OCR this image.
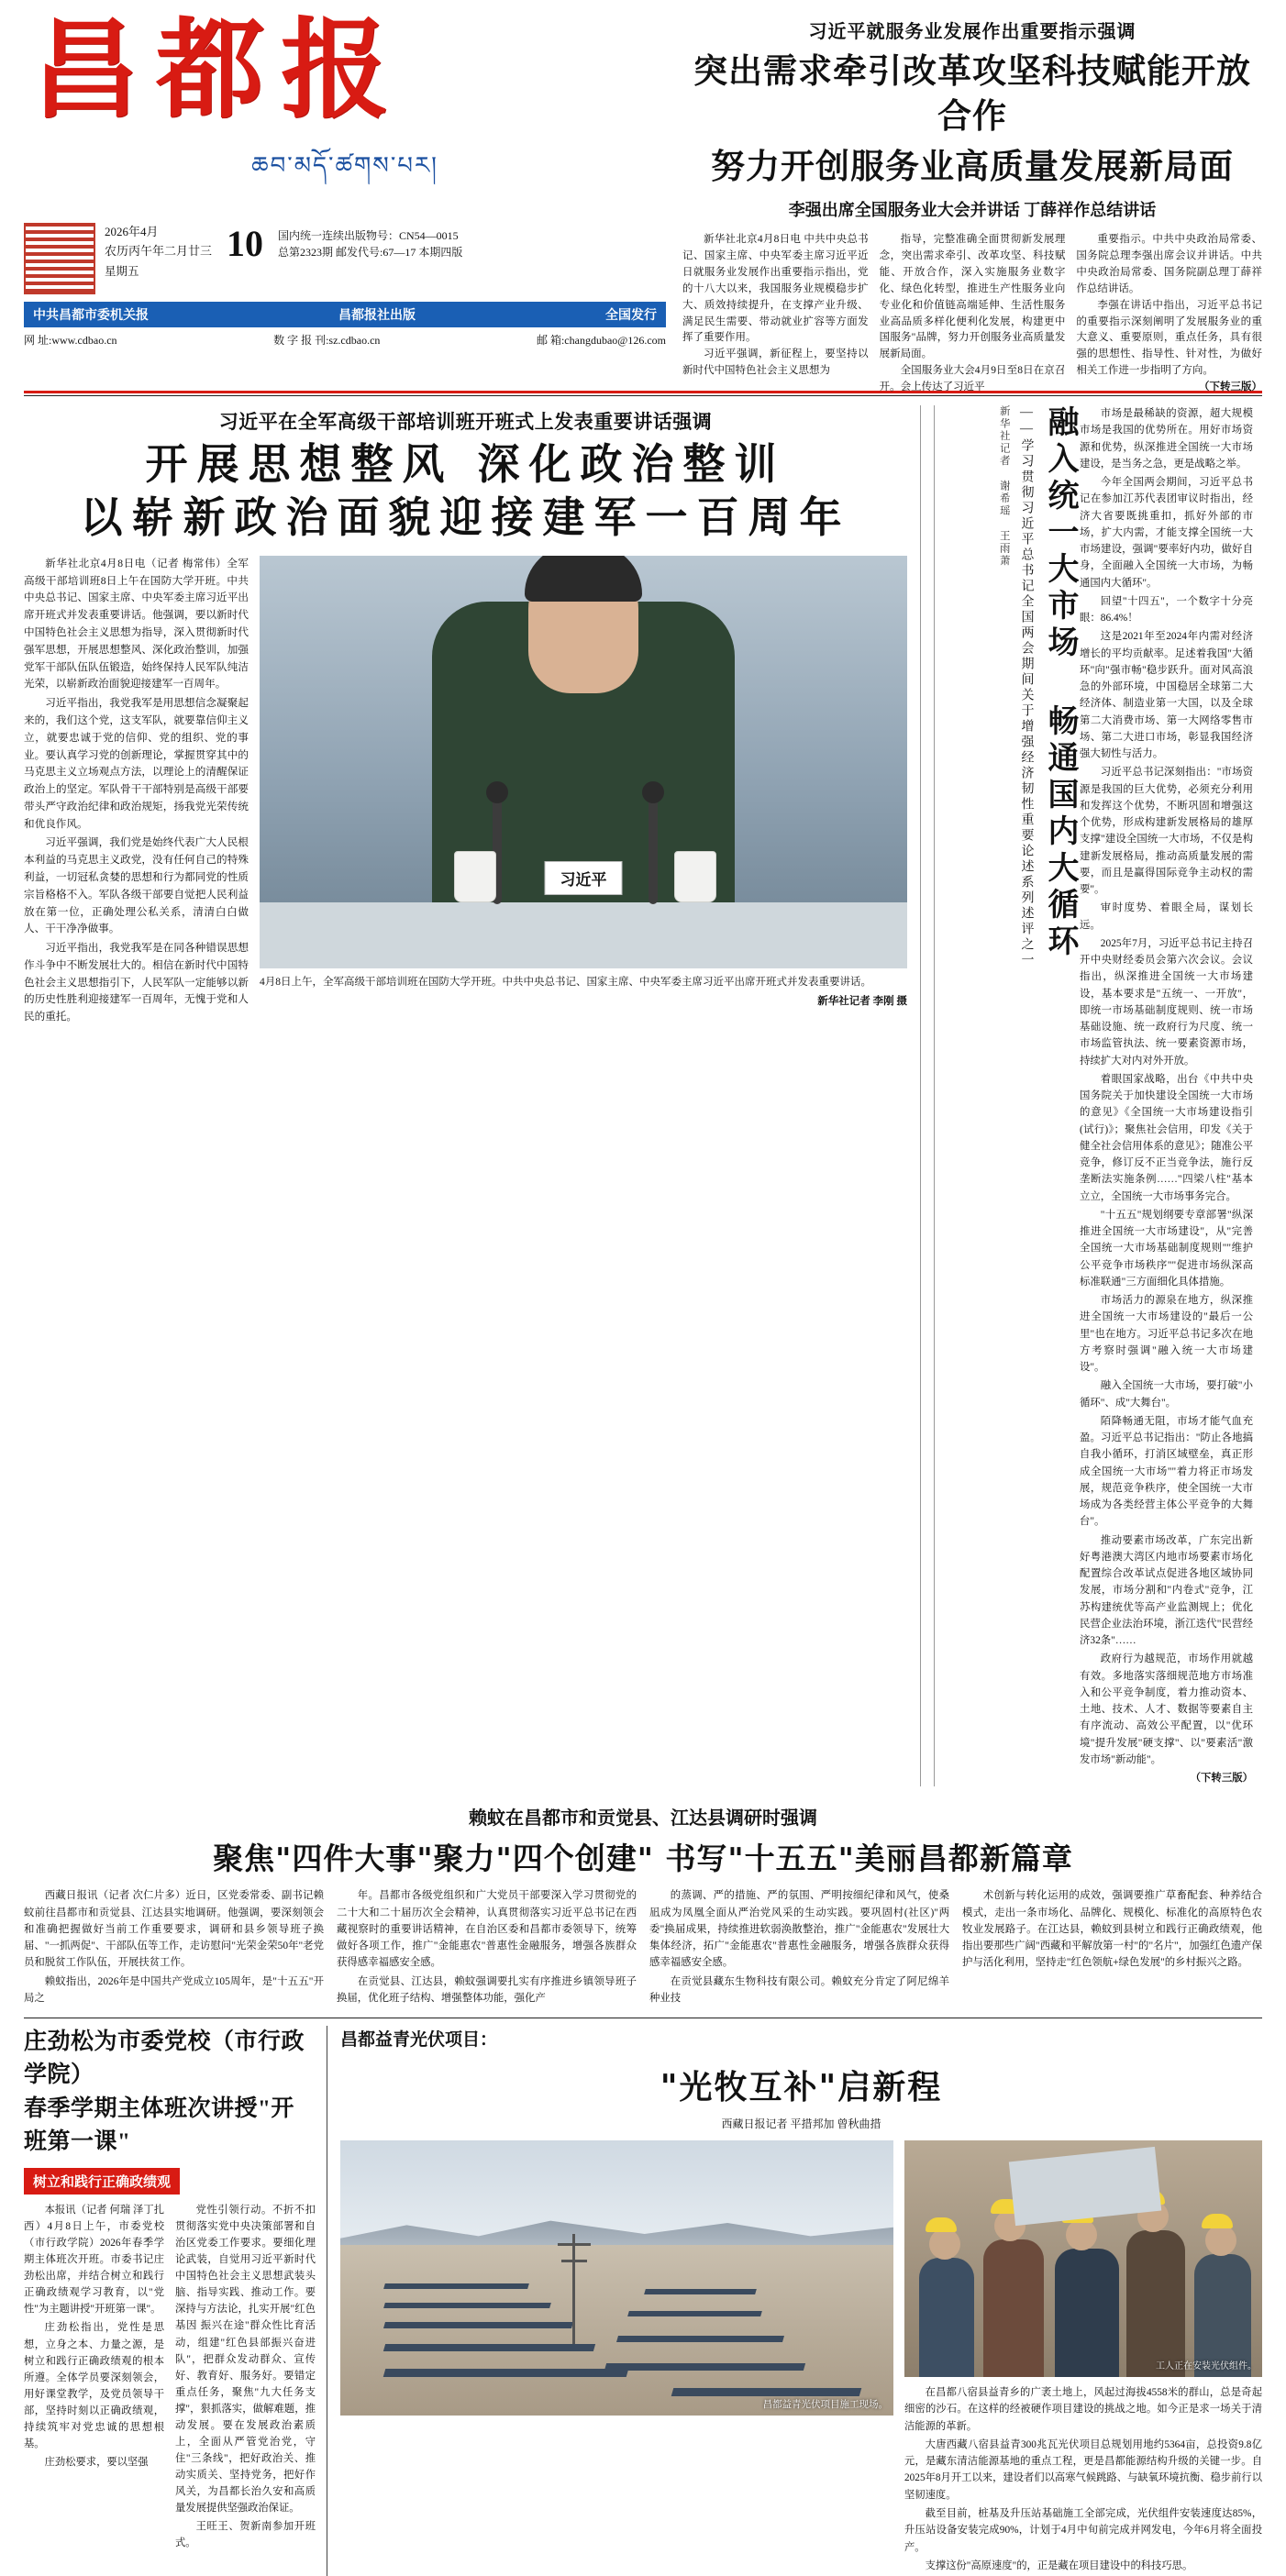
昌都报
ཆབ་མདོ་ཚགས་པར།
2026年4月
农历丙午年二月廿三 10	国内统一连续出版物号：CN54—0015
总第2323期 邮发代号:67—17 本期四版
星期五
中共昌都市委机关报	昌都报社出版	全国发行
网 址:www.cdbao.cn	数 字 报 刊:sz.cdbao.cn	邮 箱:changdubao@126.com
习近平就服务业发展作出重要指示强调
突出需求牵引改革攻坚科技赋能开放合作
努力开创服务业高质量发展新局面
李强出席全国服务业大会并讲话 丁薛祥作总结讲话
新华社北京4月8日电 中共中央总书记、国家主席、中央军委主席习近平近日就服务业发展作出重要指示指出，党的十八大以来，我国服务业规模稳步扩大、质效持续提升，在支撑产业升级、满足民生需要、带动就业扩容等方面发挥了重要作用。
习近平强调，新征程上，要坚持以新时代中国特色社会主义思想为
指导，完整准确全面贯彻新发展理念，突出需求牵引、改革攻坚、科技赋能、开放合作，深入实施服务业数字化、绿色化转型，推进生产性服务业向专业化和价值链高端延伸、生活性服务业高品质多样化便利化发展，构建更中国服务"品牌，努力开创服务业高质量发展新局面。
全国服务业大会4月9日至8日在京召开。会上传达了习近平
重要指示。中共中央政治局常委、国务院总理李强出席会议并讲话。中共中央政治局常委、国务院副总理丁薛祥作总结讲话。
李强在讲话中指出，习近平总书记的重要指示深刻阐明了发展服务业的重大意义、重要原则，重点任务，具有很强的思想性、指导性、针对性，为做好相关工作进一步指明了方向。
（下转三版）
习近平在全军高级干部培训班开班式上发表重要讲话强调
开展思想整风 深化政治整训
以崭新政治面貌迎接建军一百周年

新华社北京4月8日电（记者 梅常伟）全军高级干部培训班8日上午在国防大学开班。中共中央总书记、国家主席、中央军委主席习近平出席开班式并发表重要讲话。他强调，要以新时代中国特色社会主义思想为指导，深入贯彻新时代强军思想，开展思想整风、深化政治整训，加强党军干部队伍队伍锻造，始终保持人民军队纯洁光荣，以崭新政治面貌迎接建军一百周年。

习近平指出，我党我军是用思想信念凝聚起来的，我们这个党，这支军队，就要靠信仰主义立，就要忠诚于党的信仰、党的组织、党的事业。要认真学习党的创新理论，掌握贯穿其中的马克思主义立场观点方法，以理论上的清醒保证政治上的坚定。军队骨干干部特别是高级干部要带头严守政治纪律和政治规矩，扬我党光荣传统和优良作风。

习近平强调，我们党是始终代表广大人民根本利益的马克思主义政党，没有任何自己的特殊利益，一切冠私贪婪的思想和行为都同党的性质宗旨格格不入。军队各级干部要自觉把人民利益放在第一位，正确处理公私关系，清清白白做人、干干净净做事。

习近平指出，我党我军是在同各种错误思想作斗争中不断发展壮大的。相信在新时代中国特色社会主义思想指引下，人民军队一定能够以新的历史性胜利迎接建军一百周年，无愧于党和人民的重托。

习近平
4月8日上午，全军高级干部培训班在国防大学开班。中共中央总书记、国家主席、中央军委主席习近平出席开班式并发表重要讲话。
新华社记者 李刚 摄
融入统一大市场 畅通国内大循环
——学习贯彻习近平总书记全国两会期间关于增强经济韧性重要论述系列述评之一
新华社记者 谢希瑶 王雨萧	市场是最稀缺的资源，超大规模市场是我国的优势所在。用好市场资源和优势，纵深推进全国统一大市场建设，是当务之急，更是战略之举。

今年全国两会期间，习近平总书记在参加江苏代表团审议时指出，经济大省要既挑重扣，抓好外部的市场，扩大内需，才能支撑全国统一大市场建设，强调"要率好内功，做好自身，全面融入全国统一大市场，为畅通国内大循环"。

回望"十四五"，一个数字十分亮眼：86.4%！

这是2021年至2024年内需对经济增长的平均贡献率。足述着我国"大循环"向"强市畅"稳步跃升。面对风高浪急的外部环境，中国稳居全球第二大经济体、制造业第一大国，以及全球第二大消费市场、第一大网络零售市场、第二大进口市场，彰显我国经济强大韧性与活力。

习近平总书记深刻指出："市场资源是我国的巨大优势，必须充分利用和发挥这个优势，不断巩固和增强这个优势，形成构建新发展格局的雄厚支撑"建设全国统一大市场，不仅是构建新发展格局，推动高质量发展的需要，而且是赢得国际竞争主动权的需要"。

审时度势、着眼全局，谋划长远。

2025年7月，习近平总书记主持召开中央财经委员会第六次会议。会议指出，纵深推进全国统一大市场建设，基本要求是"五统一、一开放"，即统一市场基础制度规则、统一市场基础设施、统一政府行为尺度、统一市场监管执法、统一要素资源市场，持续扩大对内对外开放。

着眼国家战略，出台《中共中央国务院关于加快建设全国统一大市场的意见》《全国统一大市场建设指引(试行)》；聚焦社会信用，印发《关于健全社会信用体系的意见》；随准公平竞争，修订反不正当竞争法，施行反垄断法实施条例……"四梁八柱"基本立立，全国统一大市场事务完合。

"十五五"规划纲要专章部署"纵深推进全国统一大市场建设"，从"完善全国统一大市场基础制度规则""维护公平竞争市场秩序""促进市场纵深高标准联通"三方面细化具体措施。

市场活力的源泉在地方，纵深推进全国统一大市场建设的"最后一公里"也在地方。习近平总书记多次在地方考察时强调"融入统一大市场建设"。

融入全国统一大市场，要打破"小循环"、成"大舞台"。

陌降畅通无阻，市场才能气血充盈。习近平总书记指出："防止各地搞自我小循环，打消区域壁垒，真正形成全国统一大市场""着力将正市场发展，规范竞争秩序，使全国统一大市场成为各类经营主体公平竞争的大舞台"。

推动要素市场改革，广东完出新好粤港澳大湾区内地市场要素市场化配置综合改革试点促进各地区域协同发展，市场分割和"内卷式"竞争，江苏构建统优等高产业监测规上；优化民营企业法治环境，浙江迭代"民营经济32条"……

政府行为越规范，市场作用就越有效。多地落实落细规范地方市场准入和公平竞争制度，着力推动资本、土地、技术、人才、数据等要素自主有序流动、高效公平配置，以"优环境"提升发展"硬支撑"、以"要素活"激发市场"新动能"。

（下转三版）
赖蚊在昌都市和贡觉县、江达县调研时强调
聚焦"四件大事"聚力"四个创建" 书写"十五五"美丽昌都新篇章

西藏日报讯（记者 次仁片多）近日，区党委常委、副书记赖蚊前往昌都市和贡觉县、江达县实地调研。他强调，要深刻领会和准确把握做好当前工作重要要求，调研和县乡领导班子换届、"一抓两促"、干部队伍等工作，走访慰问"光荣金荣50年"老党员和脱贫工作队伍，开展扶贫工作。

赖蚊指出，2026年是中国共产党成立105周年，是"十五五"开局之

年。昌都市各级党组织和广大党员干部要深入学习贯彻党的二十大和二十届历次全会精神，认真贯彻落实习近平总书记在西藏视察时的重要讲话精神，在自治区委和昌都市委领导下，统筹做好各项工作，推广"金能惠农"普惠性金融服务，增强各族群众获得感幸福感安全感。

在贡觉县、江达县，赖蚊强调要扎实有序推进乡镇领导班子换届，优化班子结构、增强整体功能，强化产

的蒸调、严的措施、严的氛围、严明按细纪律和风气，使桑凪成为凤凰全面从严治党风采的生动实践。要巩固村(社区)"两委"换届成果，持续推进软弱涣散整治，推广"金能惠农"发展壮大集体经济，拓广"金能惠农"普惠性金融服务，增强各族群众获得感幸福感安全感。

在贡觉县藏东生物科技有限公司。赖蚊充分肯定了阿尼绵羊种业技

术创新与转化运用的成效，强调要推广草畜配套、种养结合模式，走出一条市场化、品牌化、规模化、标准化的高原特色农牧业发展路子。在江达县，赖蚊到县树立和践行正确政绩观，他指出要那些广阔"西藏和平解放第一村"的"名片"，加强红色遗产保护与活化利用，坚持走"红色领航+绿色发展"的乡村振兴之路。

庄劲松为市委党校（市行政学院）
春季学期主体班次讲授"开班第一课"
树立和践行正确政绩观

本报讯（记者 何瑞 泽丁扎西）4月8日上午，市委党校（市行政学院）2026年春季学期主体班次开班。市委书记庄劲松出席，并结合树立和践行正确政绩观学习教育，以"党性"为主题讲授"开班第一课"。

庄劲松指出，党性是思想，立身之本、力量之源，是树立和践行正确政绩观的根本所遵。全体学员要深刻领会，用好课堂教学，及党员领导干部，坚持时刻以正确政绩观，持续筑牢对党忠诚的思想根基。

庄劲松要求，要以坚强

党性引领行动。不折不扣贯彻落实党中央决策部署和自治区党委工作要求。要细化理论武装，自觉用习近平新时代中国特色社会主义思想武装头脑、指导实践、推动工作。要深持与方法论，扎实开展"红色基因 振兴在途"群众性比育活动，组建"红色县部振兴奋进队"，把群众发动群众、宣传好、教育好、服务好。要错定重点任务，聚焦"九大任务支撑"，狠抓落实，做解难题，推动发展。要在发展政治素质上，全面从严管党治党，守住"三条线"，把好政治关、推动实质关、坚持党务，把好作风关，为昌都长治久安和高质量发展提供坚强政治保证。

王旺王、贺新南参加开班式。

昌都益青光伏项目：
"光牧互补"启新程
西藏日报记者 平措邦加 曾秋曲措
昌都益青光伏项目施工现场。
工人正在安装光伏组件。

在昌都八宿县益青乡的广袤土地上，风起过海拔4558米的群山，总是奇起细密的沙石。在这样的经被硬作项目建设的挑战之地。如今正是求一场关于清洁能源的革新。

大唐西藏八宿县益青300兆瓦光伏项目总规划用地约5364亩，总投资9.8亿元，是藏东清洁能源基地的重点工程，更是昌都能源结构升级的关键一步。自2025年8月开工以来，建设者们以高寒气候跳路、与缺氧环境抗衡、稳步前行以坚韧速度。

截至目前，桩基及升压站基础施工全部完成，光伏组件安装速度达85%，升压站设备安装完成90%，计划于4月中旬前完成并网发电，今年6月将全面投产。

支撑这份"高原速度"的，正是藏在项目建设中的科技巧思。
